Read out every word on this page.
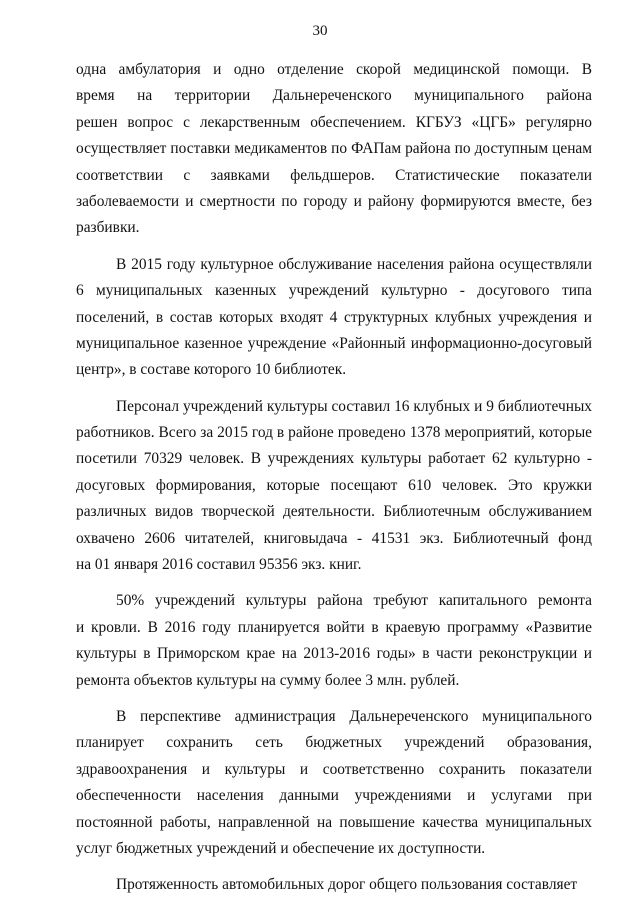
30
одна амбулатория и одно отделение скорой медицинской помощи. В
время на территории Дальнереченского муниципального района
решен вопрос с лекарственным обеспечением. КГБУЗ «ЦГБ» регулярно
осуществляет поставки медикаментов по ФАПам района по доступным ценам
соответствии с заявками фельдшеров. Статистические показатели
заболеваемости и смертности по городу и району формируются вместе, без
разбивки.
В 2015 году культурное обслуживание населения района осуществляли
6 муниципальных казенных учреждений культурно - досугового типа
поселений, в состав которых входят 4 структурных клубных учреждения и
муниципальное казенное учреждение «Районный информационно-досуговый
центр», в составе которого 10 библиотек.
Персонал учреждений культуры составил 16 клубных и 9 библиотечных
работников. Всего за 2015 год в районе проведено 1378 мероприятий, которые
посетили 70329 человек. В учреждениях культуры работает 62 культурно -
досуговых формирования, которые посещают 610 человек. Это кружки
различных видов творческой деятельности. Библиотечным обслуживанием
охвачено 2606 читателей, книговыдача - 41531 экз. Библиотечный фонд
на 01 января 2016 составил 95356 экз. книг.
50% учреждений культуры района требуют капитального ремонта
и кровли. В 2016 году планируется войти в краевую программу «Развитие
культуры в Приморском крае на 2013-2016 годы» в части реконструкции и
ремонта объектов культуры на сумму более 3 млн. рублей.
В перспективе администрация Дальнереченского муниципального
планирует сохранить сеть бюджетных учреждений образования,
здравоохранения и культуры и соответственно сохранить показатели
обеспеченности населения данными учреждениями и услугами при
постоянной работы, направленной на повышение качества муниципальных
услуг бюджетных учреждений и обеспечение их доступности.
Протяженность автомобильных дорог общего пользования составляет
